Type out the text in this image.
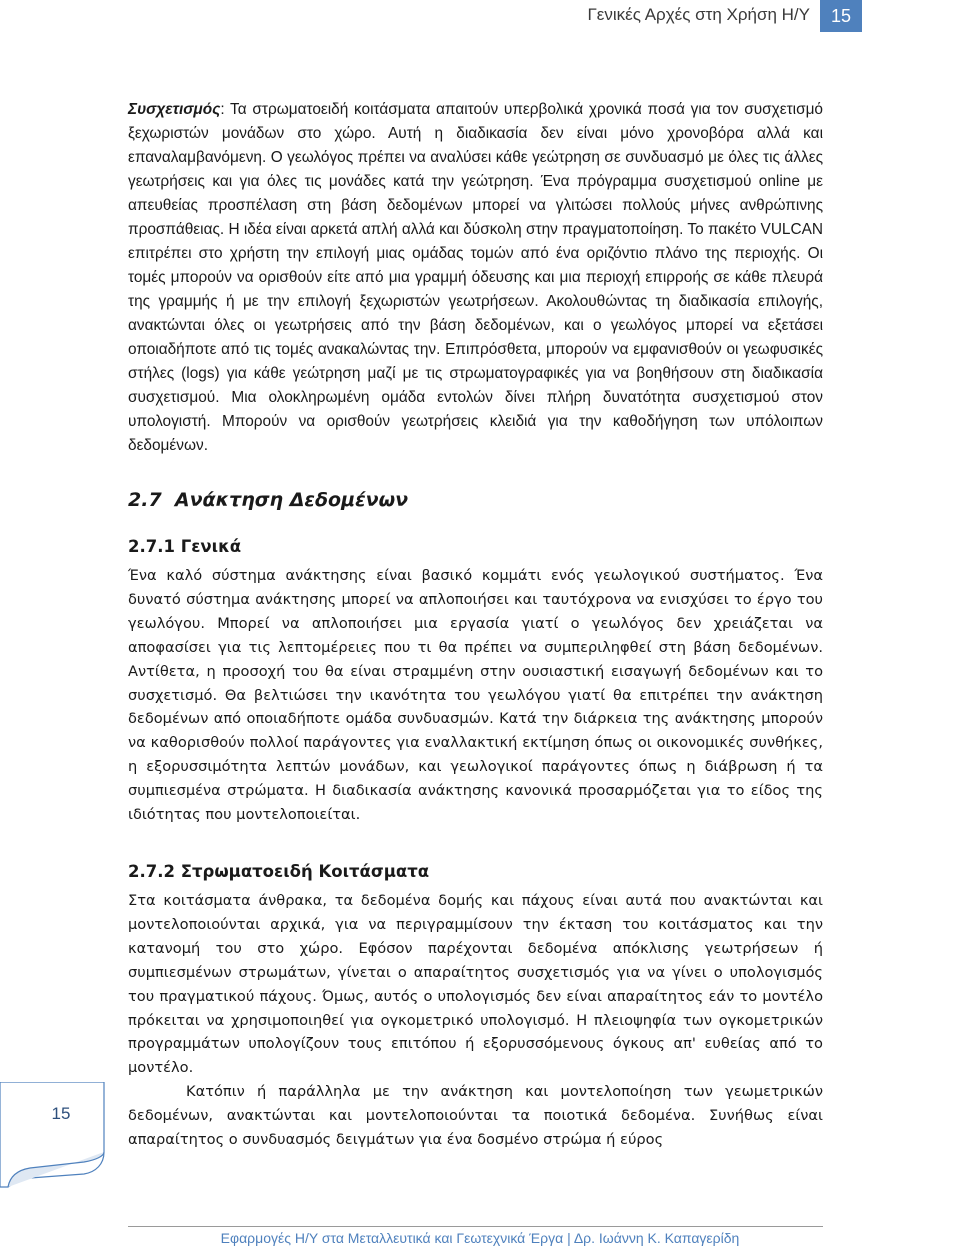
Γενικές Αρχές στη Χρήση Η/Υ	15

Συσχετισμός: Τα στρωματοειδή κοιτάσματα απαιτούν υπερβολικά χρονικά ποσά για τον συσχετισμό ξεχωριστών μονάδων στο χώρο. Αυτή η διαδικασία δεν είναι μόνο χρονοβόρα αλλά και επαναλαμβανόμενη. Ο γεωλόγος πρέπει να αναλύσει κάθε γεώτρηση σε συνδυασμό με όλες τις άλλες γεωτρήσεις και για όλες τις μονάδες κατά την γεώτρηση. Ένα πρόγραμμα συσχετισμού online με απευθείας προσπέλαση στη βάση δεδομένων μπορεί να γλιτώσει πολλούς μήνες ανθρώπινης προσπάθειας. Η ιδέα είναι αρκετά απλή αλλά και δύσκολη στην πραγματοποίηση. Το πακέτο VULCAN επιτρέπει στο χρήστη την επιλογή μιας ομάδας τομών από ένα οριζόντιο πλάνο της περιοχής. Οι τομές μπορούν να ορισθούν είτε από μια γραμμή όδευσης και μια περιοχή επιρροής σε κάθε πλευρά της γραμμής ή με την επιλογή ξεχωριστών γεωτρήσεων. Ακολουθώντας τη διαδικασία επιλογής, ανακτώνται όλες οι γεωτρήσεις από την βάση δεδομένων, και ο γεωλόγος μπορεί να εξετάσει οποιαδήποτε από τις τομές ανακαλώντας την. Επιπρόσθετα, μπορούν να εμφανισθούν οι γεωφυσικές στήλες (logs) για κάθε γεώτρηση μαζί με τις στρωματογραφικές για να βοηθήσουν στη διαδικασία συσχετισμού. Μια ολοκληρωμένη ομάδα εντολών δίνει πλήρη δυνατότητα συσχετισμού στον υπολογιστή. Μπορούν να ορισθούν γεωτρήσεις κλειδιά για την καθοδήγηση των υπόλοιπων δεδομένων.

2.7 Ανάκτηση Δεδομένων
2.7.1 Γενικά

Ένα καλό σύστημα ανάκτησης είναι βασικό κομμάτι ενός γεωλογικού συστήματος. Ένα δυνατό σύστημα ανάκτησης μπορεί να απλοποιήσει και ταυτόχρονα να ενισχύσει το έργο του γεωλόγου. Μπορεί να απλοποιήσει μια εργασία γιατί ο γεωλόγος δεν χρειάζεται να αποφασίσει για τις λεπτομέρειες που τι θα πρέπει να συμπεριληφθεί στη βάση δεδομένων. Αντίθετα, η προσοχή του θα είναι στραμμένη στην ουσιαστική εισαγωγή δεδομένων και το συσχετισμό. Θα βελτιώσει την ικανότητα του γεωλόγου γιατί θα επιτρέπει την ανάκτηση δεδομένων από οποιαδήποτε ομάδα συνδυασμών. Κατά την διάρκεια της ανάκτησης μπορούν να καθορισθούν πολλοί παράγοντες για εναλλακτική εκτίμηση όπως οι οικονομικές συνθήκες, η εξορυσσιμότητα λεπτών μονάδων, και γεωλογικοί παράγοντες όπως η διάβρωση ή τα συμπιεσμένα στρώματα. Η διαδικασία ανάκτησης κανονικά προσαρμόζεται για το είδος της ιδιότητας που μοντελοποιείται.

2.7.2 Στρωματοειδή Κοιτάσματα

Στα κοιτάσματα άνθρακα, τα δεδομένα δομής και πάχους είναι αυτά που ανακτώνται και μοντελοποιούνται αρχικά, για να περιγραμμίσουν την έκταση του κοιτάσματος και την κατανομή του στο χώρο. Εφόσον παρέχονται δεδομένα απόκλισης γεωτρήσεων ή συμπιεσμένων στρωμάτων, γίνεται ο απαραίτητος συσχετισμός για να γίνει ο υπολογισμός του πραγματικού πάχους. Όμως, αυτός ο υπολογισμός δεν είναι απαραίτητος εάν το μοντέλο πρόκειται να χρησιμοποιηθεί για ογκομετρικό υπολογισμό. Η πλειοψηφία των ογκομετρικών προγραμμάτων υπολογίζουν τους επιτόπου ή εξορυσσόμενους όγκους απ' ευθείας από το μοντέλο.

Κατόπιν ή παράλληλα με την ανάκτηση και μοντελοποίηση των γεωμετρικών δεδομένων, ανακτώνται και μοντελοποιούνται τα ποιοτικά δεδομένα. Συνήθως είναι απαραίτητος ο συνδυασμός δειγμάτων για ένα δοσμένο στρώμα ή εύρος

15
Εφαρμογές Η/Υ στα Μεταλλευτικά και Γεωτεχνικά Έργα | Δρ. Ιωάννη Κ. Καπαγερίδη
